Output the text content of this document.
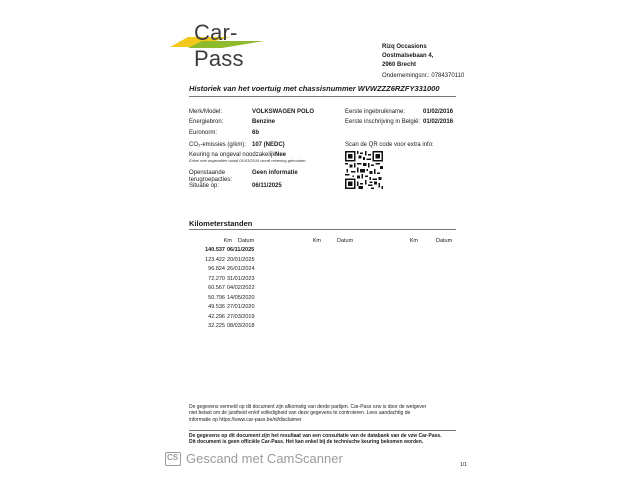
Car-Pass	Rizq Occasions
Oostmalsebaan 4,
2960 Brecht
Ondernemingsnr.: 0784370110
Historiek van het voertuig met chassisnummer WVWZZZ6RZFY331000
Merk/Model:	VOLKSWAGEN POLO
Energiebron:	Benzine
Euronorm:	6b
CO₂-emissies (g/km): 107 (NEDC)
Keuring na ongeval noodzakelijk:
Nee
Enkel met ongevallen vanaf 01/03/2019 wordt rekening gehouden
Openstaande
terugroepacties:
Geen informatie
Situatie op:	06/11/2025
Eerste ingebruikname:	01/02/2016
Eerste inschrijving in België: 01/02/2016
Scan de QR code voor extra info:
Kilometerstanden
Km Datum	Km	Datum	Km	Datum
140.537 06/11/2025
123.422 20/01/2025
96.824 26/01/2024
72.270 31/01/2023
60.567 04/02/2022
50.796 14/05/2020
49.536 27/01/2020
42.296 27/03/2019
32.225 08/03/2018
De gegevens vermeld op dit document zijn afkomstig van derde partijen. Car-Pass vzw is door de wetgever
niet belast om de juistheid en/of volledigheid van deze gegevens te controleren. Lees aandachtig de
informatie op https://www.car-pass.be/nl/disclaimer
De gegevens op dit document zijn het resultaat van een consultatie van de databank van de vzw Car-Pass.
Dit document is geen officiële Car-Pass. Het kan enkel bij de technische keuring bekomen worden.
CS Gescand met CamScanner	1/1
